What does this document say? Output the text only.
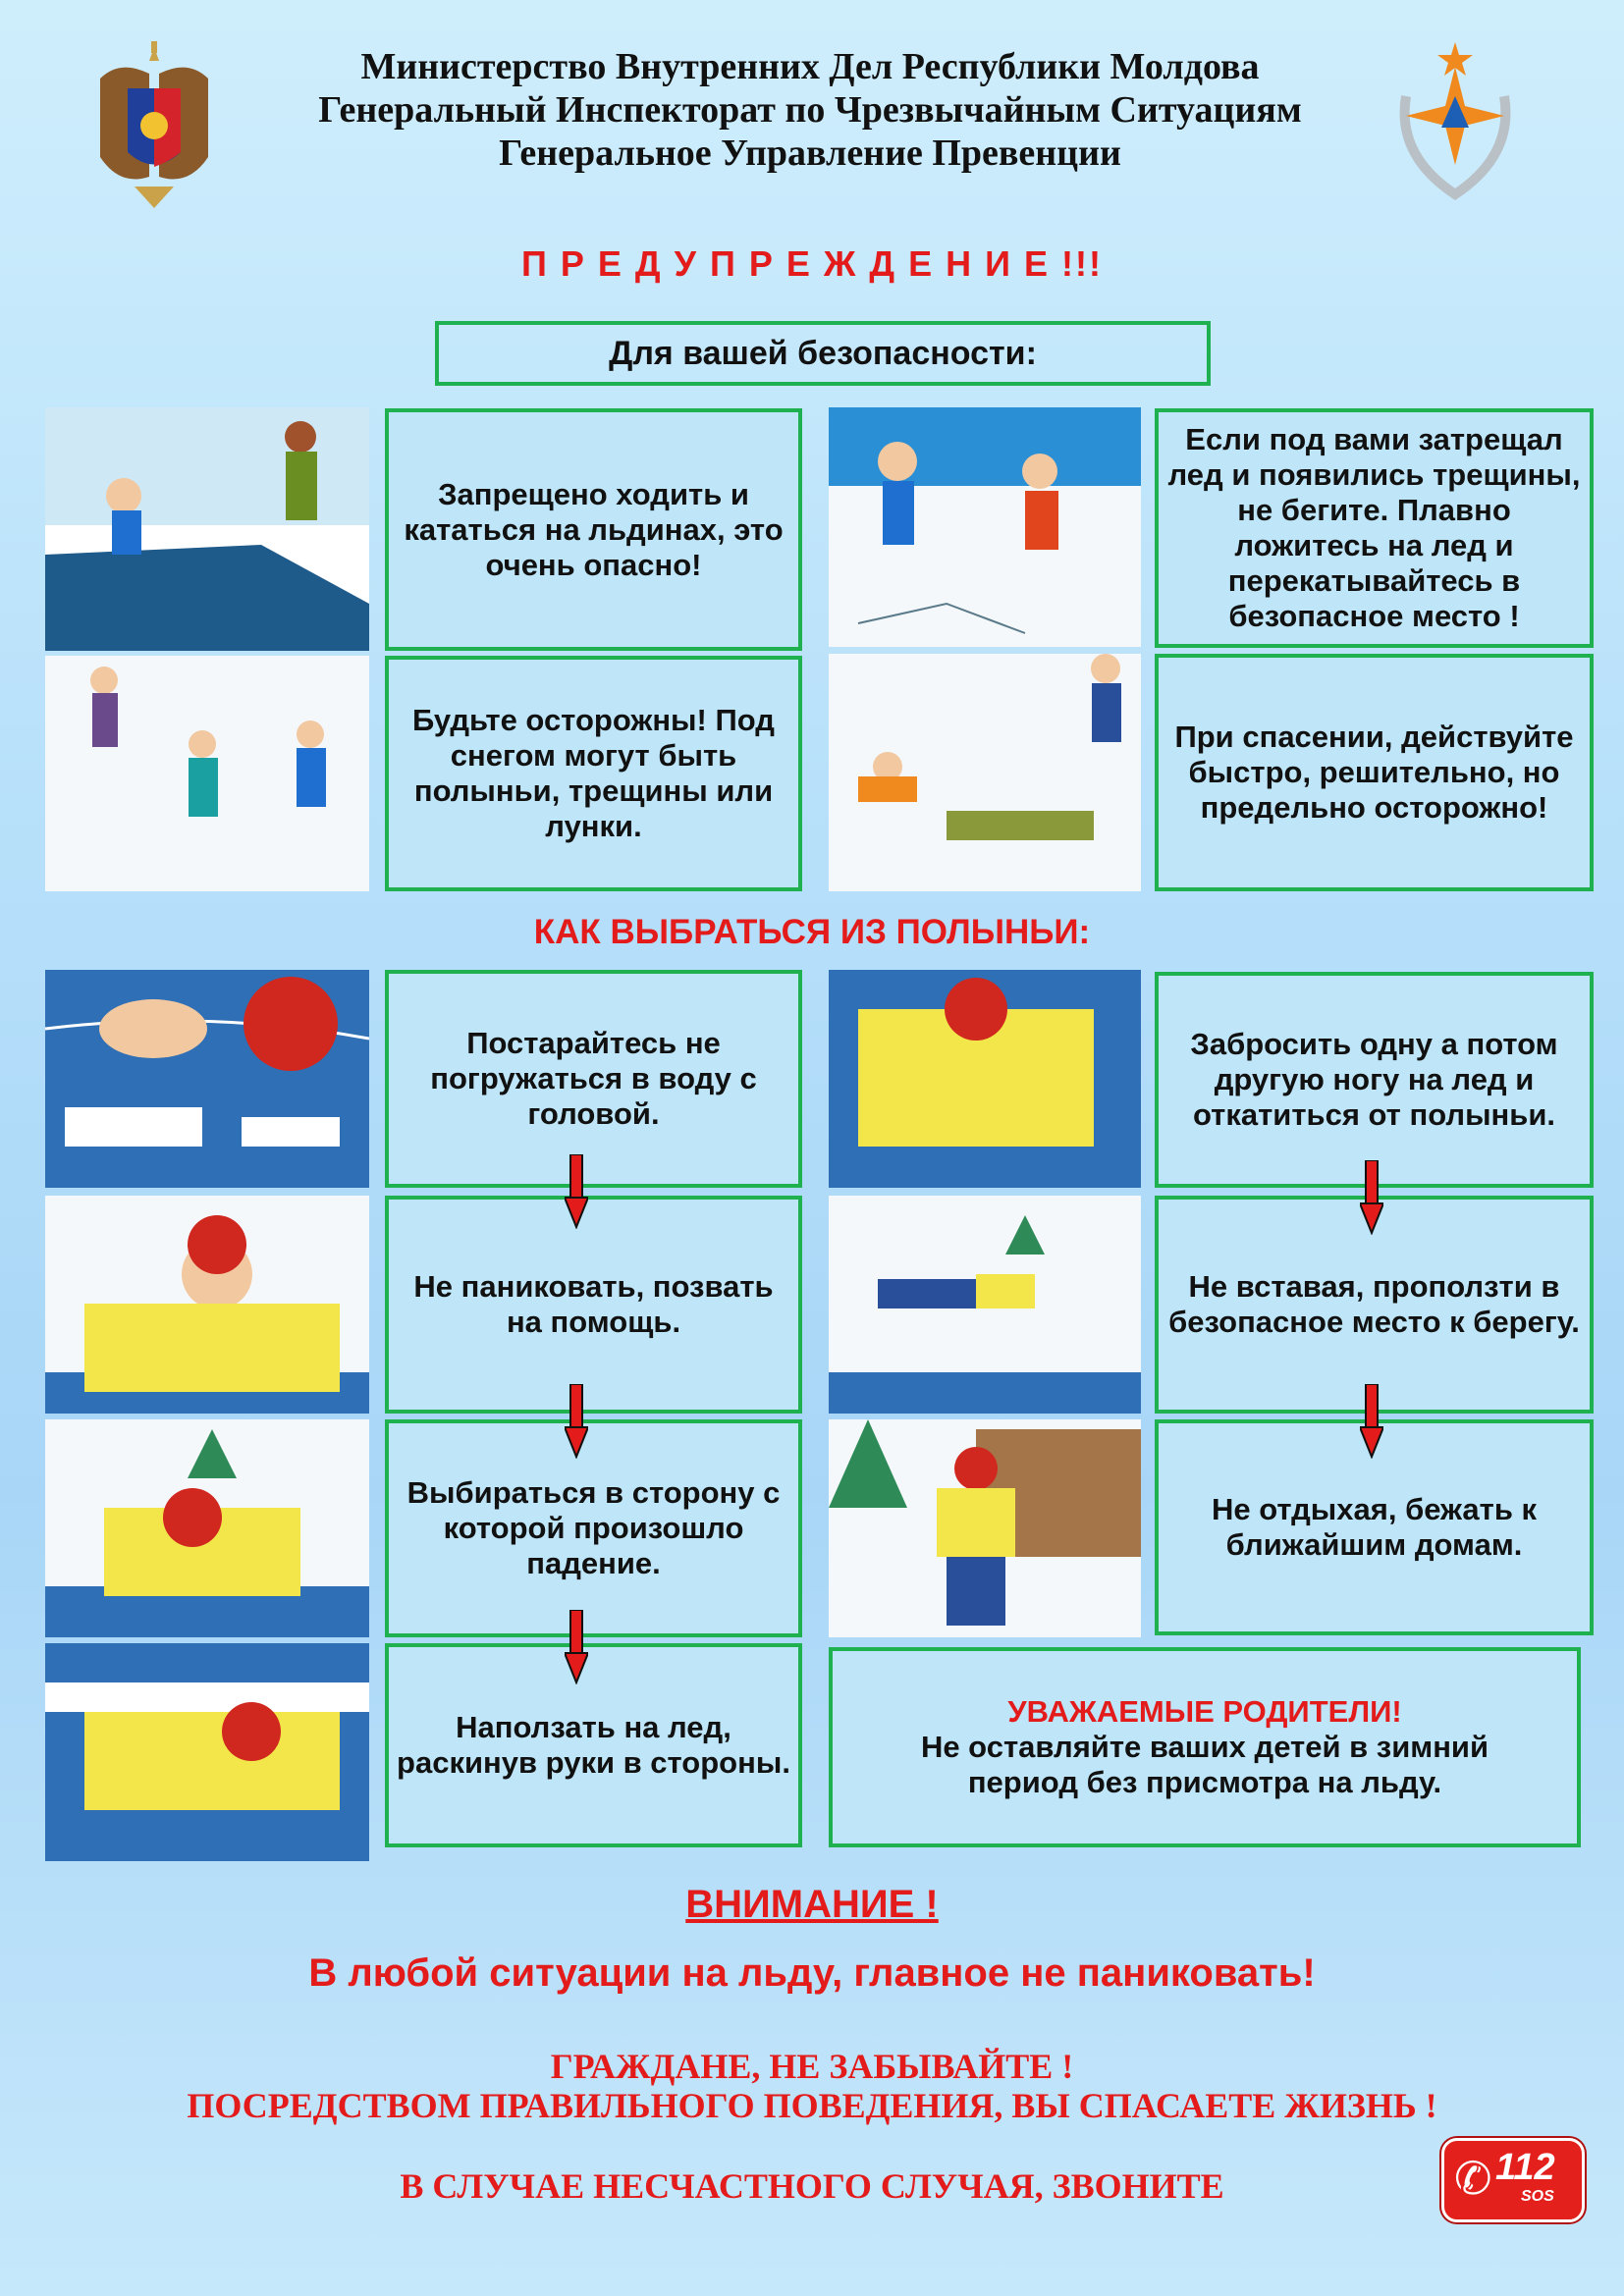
Министерство Внутренних Дел Республики Молдова
Генеральный Инспекторат по Чрезвычайным Ситуациям
Генеральное Управление Превенции
П Р Е Д У П Р Е Ж Д Е Н И Е !!!
Для вашей безопасности:
Запрещено ходить и кататься на льдинах, это очень опасно!
Если под вами затрещал лед и появились трещины, не бегите. Плавно ложитесь на лед и перекатывайтесь в безопасное место !
Будьте осторожны! Под снегом могут быть полыньи, трещины или лунки.
При спасении, действуйте быстро, решительно, но предельно осторожно!
КАК ВЫБРАТЬСЯ ИЗ ПОЛЫНЬИ:
Постарайтесь не погружаться в воду с головой.
Не паниковать, позвать на помощь.
Выбираться в сторону с которой произошло падение.
Наползать на лед, раскинув руки в стороны.
Забросить одну а потом другую ногу на лед и откатиться от полыньи.
Не вставая, проползти в безопасное место к берегу.
Не отдыхая, бежать к ближайшим домам.
УВАЖАЕМЫЕ РОДИТЕЛИ!
Не оставляйте ваших детей в зимний период без присмотра на льду.
ВНИМАНИЕ !
В любой ситуации на льду, главное не паниковать!
ГРАЖДАНЕ, НЕ ЗАБЫВАЙТЕ !
ПОСРЕДСТВОМ ПРАВИЛЬНОГО ПОВЕДЕНИЯ, ВЫ СПАСАЕТЕ ЖИЗНЬ !
В СЛУЧАЕ НЕСЧАСТНОГО СЛУЧАЯ, ЗВОНИТЕ	✆ 112
SOS
